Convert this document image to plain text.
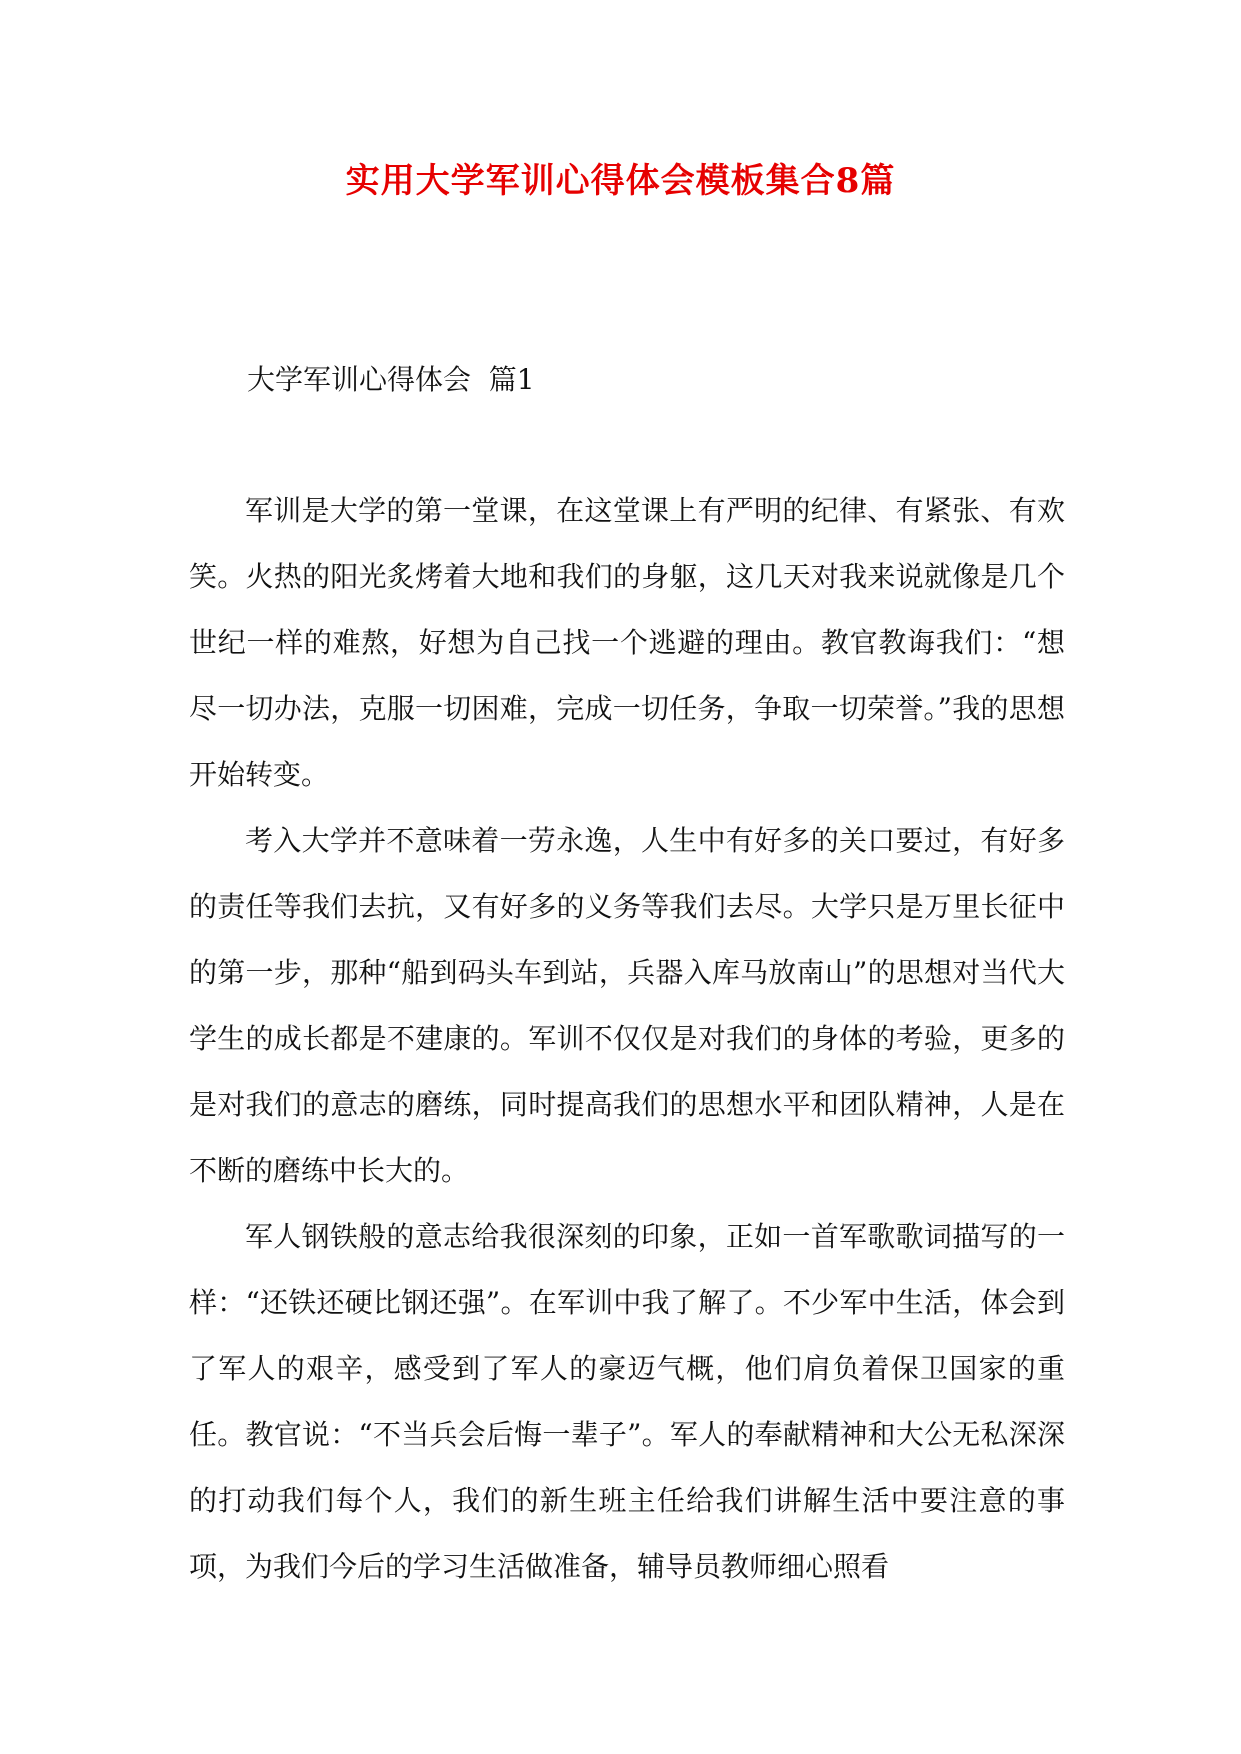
实用大学军训心得体会模板集合8篇
大学军训心得体会  篇1

军训是大学的第一堂课，在这堂课上有严明的纪律、有紧张、有欢笑。火热的阳光炙烤着大地和我们的身躯，这几天对我来说就像是几个世纪一样的难熬，好想为自己找一个逃避的理由。教官教诲我们：“想尽一切办法，克服一切困难，完成一切任务，争取一切荣誉。”我的思想开始转变。

考入大学并不意味着一劳永逸，人生中有好多的关口要过，有好多的责任等我们去抗，又有好多的义务等我们去尽。大学只是万里长征中的第一步，那种“船到码头车到站，兵器入库马放南山”的思想对当代大学生的成长都是不建康的。军训不仅仅是对我们的身体的考验，更多的是对我们的意志的磨练，同时提高我们的思想水平和团队精神，人是在不断的磨练中长大的。

军人钢铁般的意志给我很深刻的印象，正如一首军歌歌词描写的一样：“还铁还硬比钢还强”。在军训中我了解了。不少军中生活，体会到了军人的艰辛，感受到了军人的豪迈气概，他们肩负着保卫国家的重任。教官说：“不当兵会后悔一辈子”。军人的奉献精神和大公无私深深的打动我们每个人，我们的新生班主任给我们讲解生活中要注意的事项，为我们今后的学习生活做准备，辅导员教师细心照看
